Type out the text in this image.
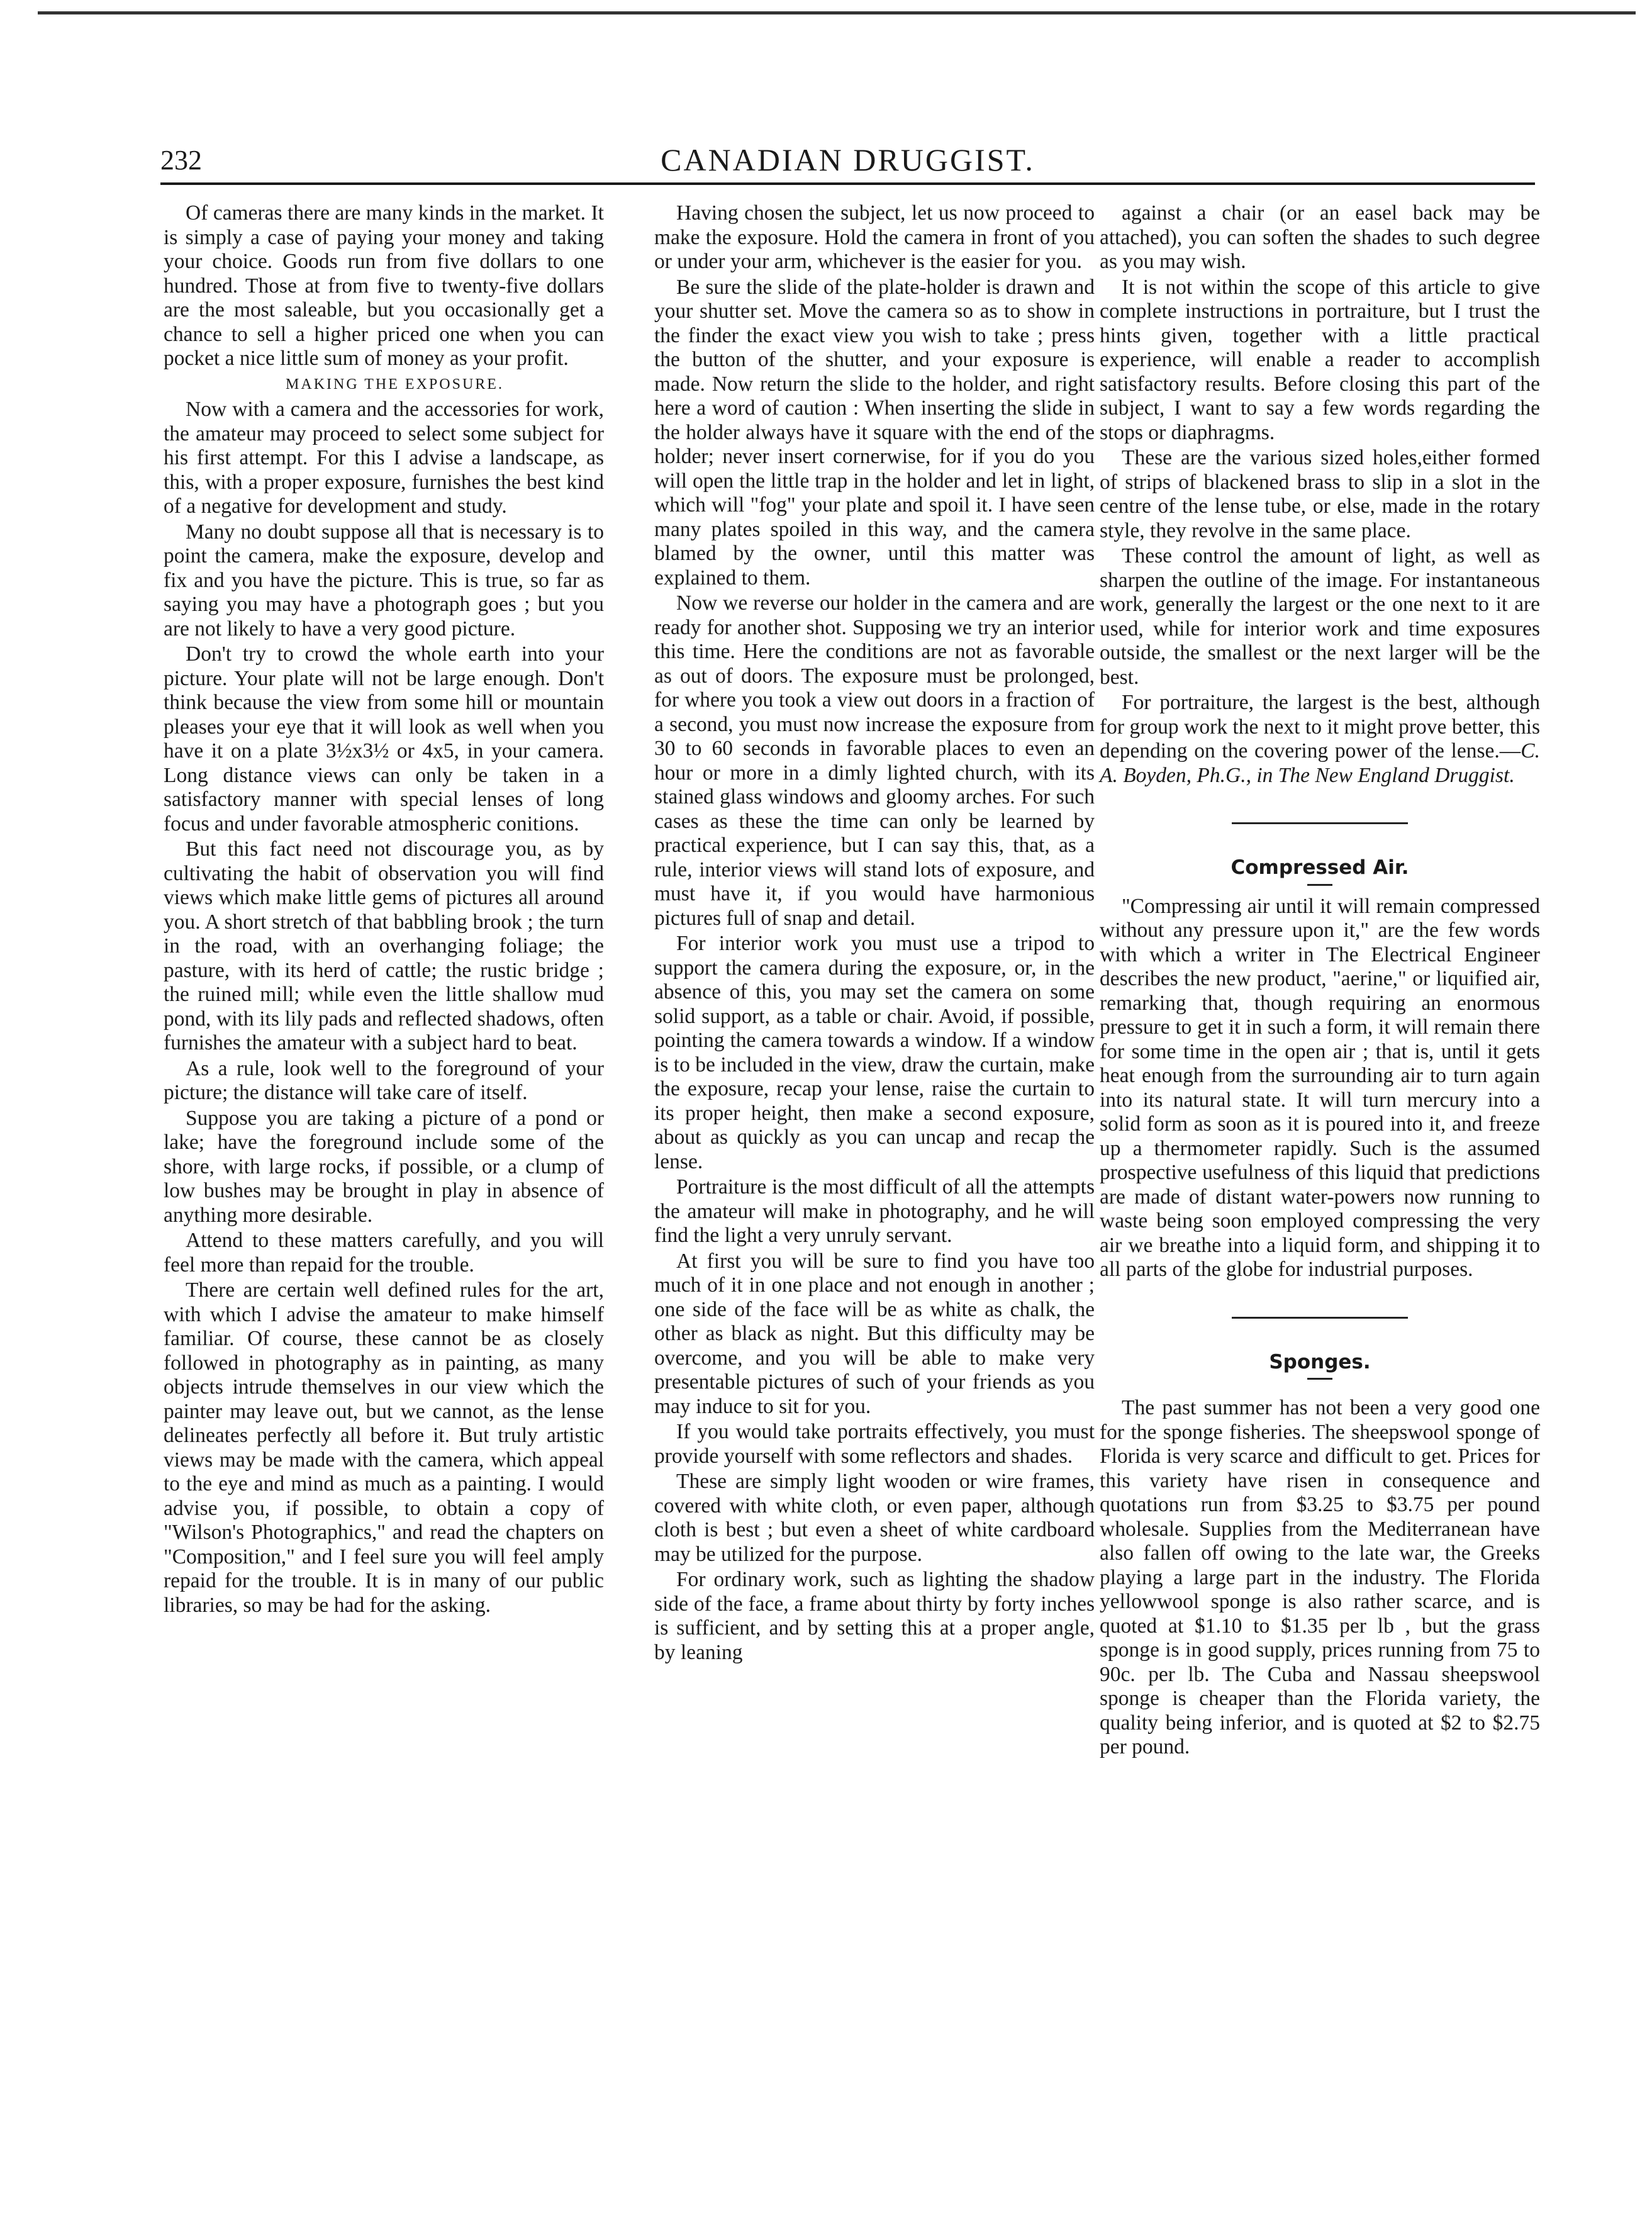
232	CANADIAN DRUGGIST.

Of cameras there are many kinds in the market. It is simply a case of paying your money and taking your choice. Goods run from five dollars to one hundred. Those at from five to twenty-five dollars are the most saleable, but you occasionally get a chance to sell a higher priced one when you can pocket a nice little sum of money as your profit.

MAKING THE EXPOSURE.

Now with a camera and the accessories for work, the amateur may proceed to select some subject for his first attempt. For this I advise a landscape, as this, with a proper exposure, furnishes the best kind of a negative for development and study.

Many no doubt suppose all that is necessary is to point the camera, make the exposure, develop and fix and you have the picture. This is true, so far as saying you may have a photograph goes ; but you are not likely to have a very good picture.

Don't try to crowd the whole earth into your picture. Your plate will not be large enough. Don't think because the view from some hill or mountain pleases your eye that it will look as well when you have it on a plate 3½x3½ or 4x5, in your camera. Long distance views can only be taken in a satisfactory manner with special lenses of long focus and under favorable atmospheric conitions.

But this fact need not discourage you, as by cultivating the habit of observation you will find views which make little gems of pictures all around you. A short stretch of that babbling brook ; the turn in the road, with an overhanging foliage; the pasture, with its herd of cattle; the rustic bridge ; the ruined mill; while even the little shallow mud pond, with its lily pads and reflected shadows, often furnishes the amateur with a subject hard to beat.

As a rule, look well to the foreground of your picture; the distance will take care of itself.

Suppose you are taking a picture of a pond or lake; have the foreground include some of the shore, with large rocks, if possible, or a clump of low bushes may be brought in play in absence of anything more desirable.

Attend to these matters carefully, and you will feel more than repaid for the trouble.

There are certain well defined rules for the art, with which I advise the amateur to make himself familiar. Of course, these cannot be as closely followed in photography as in painting, as many objects intrude themselves in our view which the painter may leave out, but we cannot, as the lense delineates perfectly all before it. But truly artistic views may be made with the camera, which appeal to the eye and mind as much as a painting. I would advise you, if possible, to obtain a copy of "Wilson's Photographics," and read the chapters on "Composition," and I feel sure you will feel amply repaid for the trouble. It is in many of our public libraries, so may be had for the asking.

Having chosen the subject, let us now proceed to make the exposure. Hold the camera in front of you or under your arm, whichever is the easier for you.

Be sure the slide of the plate-holder is drawn and your shutter set. Move the camera so as to show in the finder the exact view you wish to take ; press the button of the shutter, and your exposure is made. Now return the slide to the holder, and right here a word of caution : When inserting the slide in the holder always have it square with the end of the holder; never insert cornerwise, for if you do you will open the little trap in the holder and let in light, which will "fog" your plate and spoil it. I have seen many plates spoiled in this way, and the camera blamed by the owner, until this matter was explained to them.

Now we reverse our holder in the camera and are ready for another shot. Supposing we try an interior this time. Here the conditions are not as favorable as out of doors. The exposure must be prolonged, for where you took a view out doors in a fraction of a second, you must now increase the exposure from 30 to 60 seconds in favorable places to even an hour or more in a dimly lighted church, with its stained glass windows and gloomy arches. For such cases as these the time can only be learned by practical experience, but I can say this, that, as a rule, interior views will stand lots of exposure, and must have it, if you would have harmonious pictures full of snap and detail.

For interior work you must use a tripod to support the camera during the exposure, or, in the absence of this, you may set the camera on some solid support, as a table or chair. Avoid, if possible, pointing the camera towards a window. If a window is to be included in the view, draw the curtain, make the exposure, recap your lense, raise the curtain to its proper height, then make a second exposure, about as quickly as you can uncap and recap the lense.

Portraiture is the most difficult of all the attempts the amateur will make in photography, and he will find the light a very unruly servant.

At first you will be sure to find you have too much of it in one place and not enough in another ; one side of the face will be as white as chalk, the other as black as night. But this difficulty may be overcome, and you will be able to make very presentable pictures of such of your friends as you may induce to sit for you.

If you would take portraits effectively, you must provide yourself with some reflectors and shades.

These are simply light wooden or wire frames, covered with white cloth, or even paper, although cloth is best ; but even a sheet of white cardboard may be utilized for the purpose.

For ordinary work, such as lighting the shadow side of the face, a frame about thirty by forty inches is sufficient, and by setting this at a proper angle, by leaning

against a chair (or an easel back may be attached), you can soften the shades to such degree as you may wish.

It is not within the scope of this article to give complete instructions in portraiture, but I trust the hints given, together with a little practical experience, will enable a reader to accomplish satisfactory results. Before closing this part of the subject, I want to say a few words regarding the stops or diaphragms.

These are the various sized holes,either formed of strips of blackened brass to slip in a slot in the centre of the lense tube, or else, made in the rotary style, they revolve in the same place.

These control the amount of light, as well as sharpen the outline of the image. For instantaneous work, generally the largest or the one next to it are used, while for interior work and time exposures outside, the smallest or the next larger will be the best.

For portraiture, the largest is the best, although for group work the next to it might prove better, this depending on the covering power of the lense.—C. A. Boyden, Ph.G., in The New England Druggist.

Compressed Air.

"Compressing air until it will remain compressed without any pressure upon it," are the few words with which a writer in The Electrical Engineer describes the new product, "aerine," or liquified air, remarking that, though requiring an enormous pressure to get it in such a form, it will remain there for some time in the open air ; that is, until it gets heat enough from the surrounding air to turn again into its natural state. It will turn mercury into a solid form as soon as it is poured into it, and freeze up a thermometer rapidly. Such is the assumed prospective usefulness of this liquid that predictions are made of distant water-powers now running to waste being soon employed compressing the very air we breathe into a liquid form, and shipping it to all parts of the globe for industrial purposes.

Sponges.

The past summer has not been a very good one for the sponge fisheries. The sheepswool sponge of Florida is very scarce and difficult to get. Prices for this variety have risen in consequence and quotations run from $3.25 to $3.75 per pound wholesale. Supplies from the Mediterranean have also fallen off owing to the late war, the Greeks playing a large part in the industry. The Florida yellowwool sponge is also rather scarce, and is quoted at $1.10 to $1.35 per lb , but the grass sponge is in good supply, prices running from 75 to 90c. per lb. The Cuba and Nassau sheepswool sponge is cheaper than the Florida variety, the quality being inferior, and is quoted at $2 to $2.75 per pound.
